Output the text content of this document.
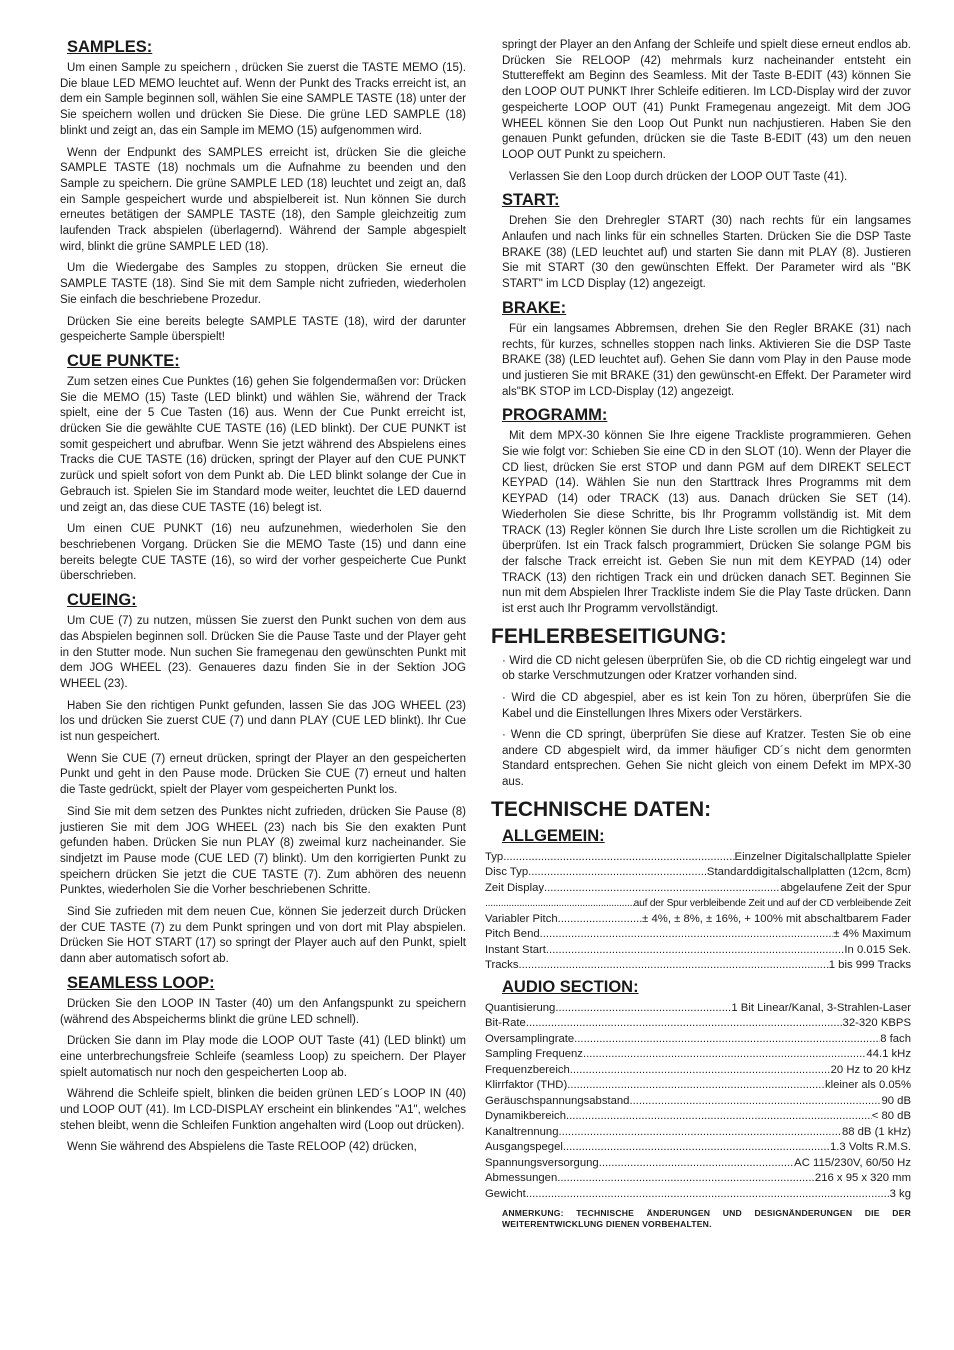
SAMPLES:

Um einen Sample zu speichern , drücken Sie zuerst die TASTE MEMO (15). Die blaue LED MEMO leuchtet auf. Wenn der Punkt des Tracks erreicht ist, an dem ein Sample beginnen soll, wählen Sie eine SAMPLE TASTE (18) unter der Sie speichern wollen und drücken Sie Diese. Die grüne LED SAMPLE (18) blinkt und zeigt an, das ein Sample im MEMO (15) aufgenommen wird.

Wenn der Endpunkt des SAMPLES erreicht ist, drücken Sie die gleiche SAMPLE TASTE (18) nochmals um die Aufnahme zu beenden und den Sample zu speichern. Die grüne SAMPLE LED (18) leuchtet und zeigt an, daß ein Sample gespeichert wurde und abspielbereit ist. Nun können Sie durch erneutes betätigen der SAMPLE TASTE (18), den Sample gleichzeitig zum laufenden Track abspielen (überlagernd). Während der Sample abgespielt wird, blinkt die grüne SAMPLE LED (18).

Um die Wiedergabe des Samples zu stoppen, drücken Sie erneut die SAMPLE TASTE (18). Sind Sie mit dem Sample nicht zufrieden, wiederholen Sie einfach die beschriebene Prozedur.

Drücken Sie eine bereits belegte SAMPLE TASTE (18), wird der darunter gespeicherte Sample überspielt!

CUE PUNKTE:

Zum setzen eines Cue Punktes (16) gehen Sie folgendermaßen vor: Drücken Sie die MEMO (15) Taste (LED blinkt) und wählen Sie, während der Track spielt, eine der 5 Cue Tasten (16) aus. Wenn der Cue Punkt erreicht ist, drücken Sie die gewählte CUE TASTE (16) (LED blinkt). Der CUE PUNKT ist somit gespeichert und abrufbar. Wenn Sie jetzt während des Abspielens eines Tracks die CUE TASTE (16) drücken, springt der Player auf den CUE PUNKT zurück und spielt sofort von dem Punkt ab. Die LED blinkt solange der Cue in Gebrauch ist. Spielen Sie im Standard mode weiter, leuchtet die LED dauernd und zeigt an, das diese CUE TASTE (16) belegt ist.

Um einen CUE PUNKT (16) neu aufzunehmen, wiederholen Sie den beschriebenen Vorgang. Drücken Sie die MEMO Taste (15) und dann eine bereits belegte CUE TASTE (16), so wird der vorher gespeicherte Cue Punkt überschrieben.

CUEING:

Um CUE (7) zu nutzen, müssen Sie zuerst den Punkt suchen von dem aus das Abspielen beginnen soll. Drücken Sie die Pause Taste und der Player geht in den Stutter mode. Nun suchen Sie framegenau den gewünschten Punkt mit dem JOG WHEEL (23). Genaueres dazu finden Sie in der Sektion JOG WHEEL (23).

Haben Sie den richtigen Punkt gefunden, lassen Sie das JOG WHEEL (23) los und drücken Sie zuerst CUE (7) und dann PLAY (CUE LED blinkt). Ihr Cue ist nun gespeichert.

Wenn Sie CUE (7) erneut drücken, springt der Player an den gespeicherten Punkt und geht in den Pause mode. Drücken Sie CUE (7) erneut und halten die Taste gedrückt, spielt der Player vom gespeicherten Punkt los.

Sind Sie mit dem setzen des Punktes nicht zufrieden, drücken Sie Pause (8) justieren Sie mit dem JOG WHEEL (23) nach bis Sie den exakten Punt gefunden haben. Drücken Sie nun PLAY (8) zweimal kurz nacheinander. Sie sindjetzt im Pause mode (CUE LED (7) blinkt). Um den korrigierten Punkt zu speichern drücken Sie jetzt die CUE TASTE (7). Zum abhören des neuenn Punktes, wiederholen Sie die Vorher beschriebenen Schritte.

Sind Sie zufrieden mit dem neuen Cue, können Sie jederzeit durch Drücken der CUE TASTE (7) zu dem Punkt springen und von dort mit Play abspielen. Drücken Sie HOT START (17) so springt der Player auch auf den Punkt, spielt dann aber automatisch sofort ab.

SEAMLESS LOOP:

Drücken Sie den LOOP IN Taster (40) um den Anfangspunkt zu speichern (während des Abspeicherms blinkt die grüne LED schnell).

Drücken Sie dann im Play mode die LOOP OUT Taste (41) (LED blinkt) um eine unterbrechungsfreie Schleife (seamless Loop) zu speichern. Der Player spielt automatisch nur noch den gespeicherten Loop ab.

Während die Schleife spielt, blinken die beiden grünen LED´s LOOP IN (40) und LOOP OUT (41). Im LCD-DISPLAY erscheint ein blinkendes "A1", welches stehen bleibt, wenn die Schleifen Funktion angehalten wird (Loop out drücken).

Wenn Sie während des Abspielens die Taste RELOOP (42) drücken,

springt der Player an den Anfang der Schleife und spielt diese erneut endlos ab. Drücken Sie RELOOP (42) mehrmals kurz nacheinander entsteht ein Stuttereffekt am Beginn des Seamless. Mit der Taste B-EDIT (43) können Sie den LOOP OUT PUNKT Ihrer Schleife editieren. Im LCD-Display wird der zuvor gespeicherte LOOP OUT (41) Punkt Framegenau angezeigt. Mit dem JOG WHEEL können Sie den Loop Out Punkt nun nachjustieren. Haben Sie den genauen Punkt gefunden, drücken sie die Taste B-EDIT (43) um den neuen LOOP OUT Punkt zu speichern.

Verlassen Sie den Loop durch drücken der LOOP OUT Taste (41).

START:

Drehen Sie den Drehregler START (30) nach rechts für ein langsames Anlaufen und nach links für ein schnelles Starten. Drücken Sie die DSP Taste BRAKE (38) (LED leuchtet auf) und starten Sie dann mit PLAY (8). Justieren Sie mit START (30 den gewünschten Effekt. Der Parameter wird als "BK START" im LCD Display (12) angezeigt.

BRAKE:

Für ein langsames Abbremsen, drehen Sie den Regler BRAKE (31) nach rechts, für kurzes, schnelles stoppen nach links. Aktivieren Sie die DSP Taste BRAKE (38) (LED leuchtet auf). Gehen Sie dann vom Play in den Pause mode und justieren Sie mit BRAKE (31) den gewünscht-en Effekt. Der Parameter wird als"BK STOP im LCD-Display (12) angezeigt.

PROGRAMM:

Mit dem MPX-30 können Sie Ihre eigene Trackliste programmieren. Gehen Sie wie folgt vor: Schieben Sie eine CD in den SLOT (10). Wenn der Player die CD liest, drücken Sie erst STOP und dann PGM auf dem DIREKT SELECT KEYPAD (14). Wählen Sie nun den Starttrack Ihres Programms mit dem KEYPAD (14) oder TRACK (13) aus. Danach drücken Sie SET (14). Wiederholen Sie diese Schritte, bis Ihr Programm vollständig ist. Mit dem TRACK (13) Regler können Sie durch Ihre Liste scrollen um die Richtigkeit zu überprüfen. Ist ein Track falsch programmiert, Drücken Sie solange PGM bis der falsche Track erreicht ist. Geben Sie nun mit dem KEYPAD (14) oder TRACK (13) den richtigen Track ein und drücken danach SET. Beginnen Sie nun mit dem Abspielen Ihrer Trackliste indem Sie die Play Taste drücken. Dann ist erst auch Ihr Programm vervollständigt.

FEHLERBESEITIGUNG:

· Wird die CD nicht gelesen überprüfen Sie, ob die CD richtig eingelegt war und ob starke Verschmutzungen oder Kratzer vorhanden sind.

· Wird die CD abgespiel, aber es ist kein Ton zu hören, überprüfen Sie die Kabel und die Einstellungen Ihres Mixers oder Verstärkers.

· Wenn die CD springt, überprüfen Sie diese auf Kratzer. Testen Sie ob eine andere CD abgespielt wird, da immer häufiger CD´s nicht dem genormten Standard entsprechen. Gehen Sie nicht gleich von einem Defekt im MPX-30 aus.

TECHNISCHE DATEN:
ALLGEMEIN:
Typ .....	Einzelner Digitalschallplatte Spieler
Disc Typ .....	Standarddigitalschallplatten (12cm, 8cm)
Zeit Display .....	abgelaufene Zeit der Spur
.....
auf der Spur verbleibende Zeit und auf der CD verbleibende Zeit
Variabler Pitch .....	± 4%, ± 8%, ± 16%, + 100% mit abschaltbarem Fader
Pitch Bend .....	± 4% Maximum
Instant Start .....	In 0.015 Sek.
Tracks .....	1 bis 999 Tracks
AUDIO SECTION:
Quantisierung .....	1 Bit Linear/Kanal, 3-Strahlen-Laser
Bit-Rate .....	32-320 KBPS
Oversamplingrate .....	8 fach
Sampling Frequenz .....	44.1 kHz
Frequenzbereich .....	20 Hz to 20 kHz
Klirrfaktor (THD) .....	kleiner als 0.05%
Geräuschspannungsabstand .....	90 dB
Dynamikbereich .....	< 80 dB
Kanaltrennung .....	88 dB (1 kHz)
Ausgangspegel .....	1.3 Volts R.M.S.
Spannungsversorgung .....	AC 115/230V, 60/50 Hz
Abmessungen .....	216 x 95 x 320 mm
Gewicht .....	3 kg

ANMERKUNG: TECHNISCHE ÄNDERUNGEN UND DESIGNÄNDERUNGEN DIE DER WEITERENTWICKLUNG DIENEN VORBEHALTEN.
